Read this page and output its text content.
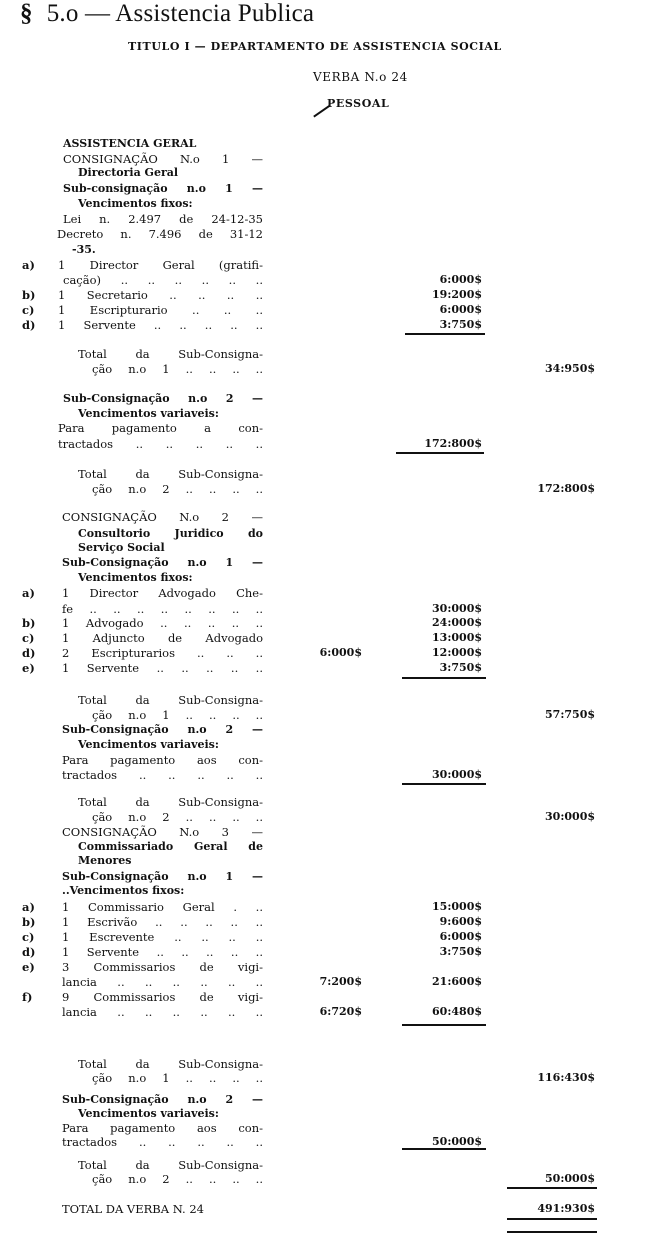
§ 5.o — Assistencia Publica
TITULO I — DEPARTAMENTO DE ASSISTENCIA SOCIAL
VERBA N.o 24
PESSOAL
ASSISTENCIA GERAL
CONSIGNAÇÃO N.o 1 —
Directoria Geral
Sub-consignação n.o 1 —
Vencimentos fixos:
Lei n. 2.497 de 24-12-35
Decreto n. 7.496 de 31-12
-35.
a) 1 Director Geral (gratifi-
cação) .. .. .. .. .. ..	6:000$
b) 1 Secretario .. .. .. ..	19:200$
c) 1 Escripturario .. .. ..	6:000$
d) 1 Servente .. .. .. .. ..	3:750$
Total da Sub-Consigna-
ção n.o 1 .. .. .. ..	34:950$
Sub-Consignação n.o 2 —
Vencimentos variaveis:
Para pagamento a con-
tractados .. .. .. .. ..	172:800$
Total da Sub-Consigna-
ção n.o 2 .. .. .. ..	172:800$
CONSIGNAÇÃO N.o 2 —
Consultorio Juridico do
Serviço Social
Sub-Consignação n.o 1 —
Vencimentos fixos:
a) 1 Director Advogado Che-
fe .. .. .. .. .. .. .. ..	30:000$
b) 1 Advogado .. .. .. .. ..	24:000$
c) 1 Adjuncto de Advogado	13:000$
d) 2 Escripturarios .. .. ..	6:000$	12:000$
e) 1 Servente .. .. .. .. ..	3:750$
Total da Sub-Consigna-
ção n.o 1 .. .. .. ..	57:750$
Sub-Consignação n.o 2 —
Vencimentos variaveis:
Para pagamento aos con-
tractados .. .. .. .. ..	30:000$
Total da Sub-Consigna-
ção n.o 2 .. .. .. ..	30:000$
CONSIGNAÇÃO N.o 3 —
Commissariado Geral de
Menores
Sub-Consignação n.o 1 —
..Vencimentos fixos:
a) 1 Commissario Geral . ..	15:000$
b) 1 Escrivão .. .. .. .. ..	9:600$
c) 1 Escrevente .. .. .. ..	6:000$
d) 1 Servente .. .. .. .. ..	3:750$
e) 3 Commissarios de vigi-
lancia .. .. .. .. .. ..	7:200$	21:600$
f)	9 Commissarios de vigi-
lancia .. .. .. .. .. ..	6:720$	60:480$
Total da Sub-Consigna-
ção n.o 1 .. .. .. ..	116:430$
Sub-Consignação n.o 2 —
Vencimentos variaveis:
Para pagamento aos con-
tractados .. .. .. .. ..	50:000$
Total da Sub-Consigna-
ção n.o 2 .. .. .. ..	50:000$
TOTAL DA VERBA N. 24	491:930$
